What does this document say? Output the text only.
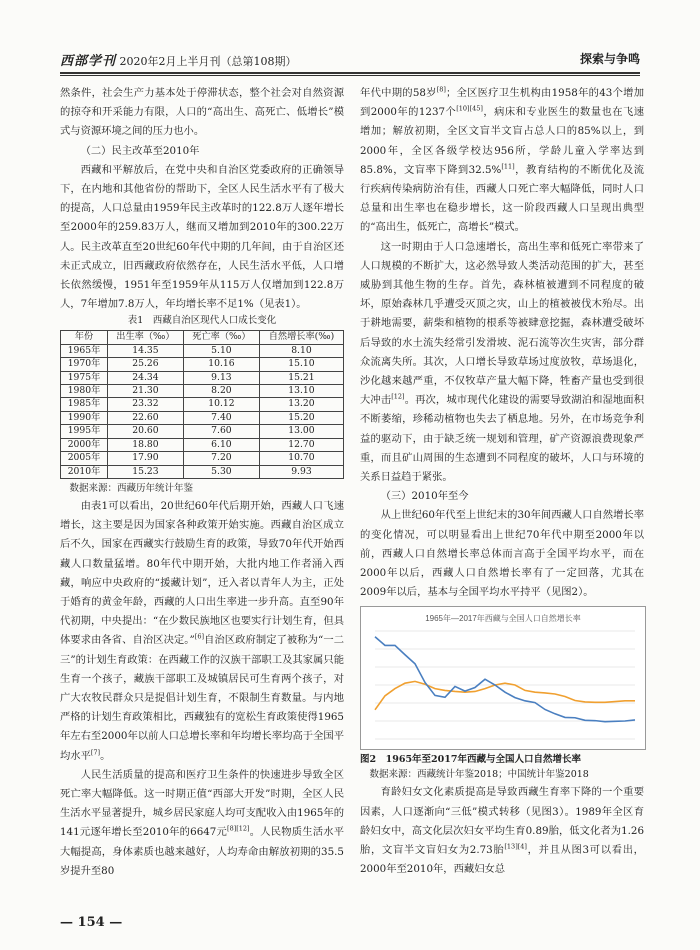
西部学刊 2020年2月上半月刊（总第108期）	探索与争鸣

然条件，社会生产力基本处于停滞状态，整个社会对自然资源的掠夺和开采能力有限，人口的“高出生、高死亡、低增长”模式与资源环境之间的压力也小。

（二）民主改革至2010年

西藏和平解放后，在党中央和自治区党委政府的正确领导下，在内地和其他省份的帮助下，全区人民生活水平有了极大的提高，人口总量由1959年民主改革时的122.8万人逐年增长至2000年的259.83万人，继而又增加到2010年的300.22万人。民主改革直至20世纪60年代中期的几年间，由于自治区还未正式成立，旧西藏政府依然存在，人民生活水平低，人口增长依然缓慢，1951年至1959年从115万人仅增加到122.8万人，7年增加7.8万人，年均增长率不足1%（见表1）。

表1　西藏自治区现代人口成长变化
年份	出生率（‰）	死亡率（‰）	自然增长率(‰)
1965年	14.35	5.10	8.10
1970年	25.26	10.16	15.10
1975年	24.34	9.13	15.21
1980年	21.30	8.20	13.10
1985年	23.32	10.12	13.20
1990年	22.60	7.40	15.20
1995年	20.60	7.60	13.00
2000年	18.80	6.10	12.70
2005年	17.90	7.20	10.70
2010年	15.23	5.30	9.93
数据来源：西藏历年统计年鉴

由表1可以看出，20世纪60年代后期开始，西藏人口飞速增长，这主要是因为国家各种政策开始实施。西藏自治区成立后不久，国家在西藏实行鼓励生育的政策，导致70年代开始西藏人口数量猛增。80年代中期开始，大批内地工作者涌入西藏，响应中央政府的“援藏计划”，迁入者以青年人为主，正处于婚育的黄金年龄，西藏的人口出生率进一步升高。直至90年代初期，中央提出：“在少数民族地区也要实行计划生育，但具体要求由各省、自治区决定。”[6]自治区政府制定了被称为“一二三”的计划生育政策：在西藏工作的汉族干部职工及其家属只能生育一个孩子，藏族干部职工及城镇居民可生育两个孩子，对广大农牧民群众只是提倡计划生育，不限制生育数量。与内地严格的计划生育政策相比，西藏独有的宽松生育政策使得1965年左右至2000年以前人口总增长率和年均增长率均高于全国平均水平[7]。

人民生活质量的提高和医疗卫生条件的快速进步导致全区死亡率大幅降低。这一时期正值“西部大开发”时期，全区人民生活水平显著提升，城乡居民家庭人均可支配收入由1965年的141元逐年增长至2010年的6647元[8][12]。人民物质生活水平大幅提高，身体素质也越来越好，人均寿命由解放初期的35.5岁提升至80

年代中期的58岁[8]；全区医疗卫生机构由1958年的43个增加到2000年的1237个[10][45]，病床和专业医生的数量也在飞速增加；解放初期，全区文盲半文盲占总人口的85%以上，到2000年，全区各级学校达956所，学龄儿童入学率达到85.8%，文盲率下降到32.5%[11]，教育结构的不断优化及流行疾病传染病防治有佳，西藏人口死亡率大幅降低，同时人口总量和出生率也在稳步增长，这一阶段西藏人口呈现出典型的“高出生，低死亡，高增长”模式。

这一时期由于人口急速增长，高出生率和低死亡率带来了人口规模的不断扩大，这必然导致人类活动范围的扩大，甚至威胁到其他生物的生存。首先，森林植被遭到不同程度的破坏，原始森林几乎遭受灭顶之灾，山上的植被被伐木殆尽。出于耕地需要，薪柴和植物的根系等被肆意挖掘，森林遭受破坏后导致的水土流失经常引发滑坡、泥石流等次生灾害，部分群众流离失所。其次，人口增长导致草场过度放牧，草场退化，沙化越来越严重，不仅牧草产量大幅下降，牲畜产量也受到很大冲击[12]。再次，城市现代化建设的需要导致湖泊和湿地面积不断萎缩，珍稀动植物也失去了栖息地。另外，在市场竞争利益的驱动下，由于缺乏统一规划和管理，矿产资源浪费现象严重，而且矿山周围的生态遭到不同程度的破坏，人口与环境的关系日益趋于紧张。

（三）2010年至今

从上世纪60年代至上世纪末的30年间西藏人口自然增长率的变化情况，可以明显看出上世纪70年代中期至2000年以前，西藏人口自然增长率总体而言高于全国平均水平，而在2000年以后，西藏人口自然增长率有了一定回落，尤其在2009年以后，基本与全国平均水平持平（见图2）。

1965年—2017年西藏与全国人口自然增长率
图2　1965年至2017年西藏与全国人口自然增长率
数据来源：西藏统计年鉴2018；中国统计年鉴2018

育龄妇女文化素质提高是导致西藏生育率下降的一个重要因素，人口逐渐向“三低”模式转移（见图3）。1989年全区育龄妇女中，高文化层次妇女平均生育0.89胎，低文化者为1.26胎，文盲半文盲妇女为2.73胎[13][4]，并且从图3可以看出，2000年至2010年，西藏妇女总

— 154 —
